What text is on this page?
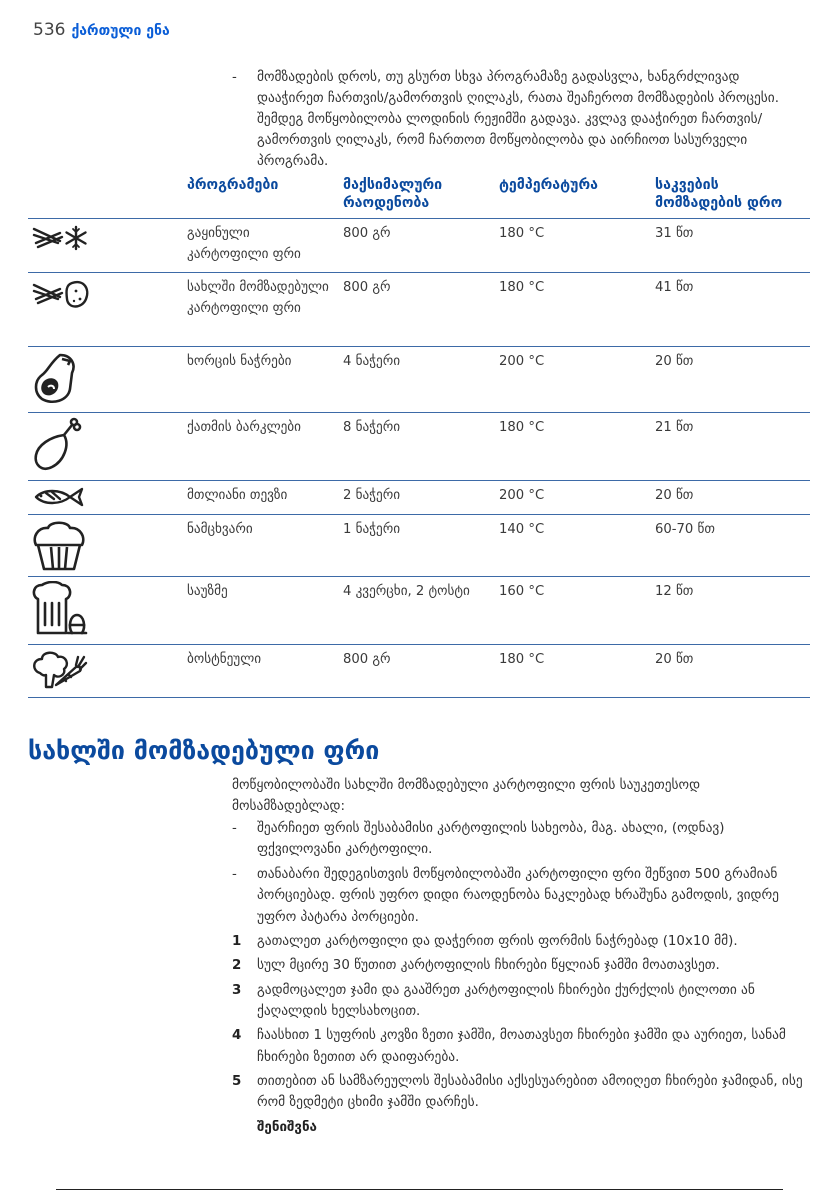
536 ქართული ენა
- მომზადების დროს, თუ გსურთ სხვა პროგრამაზე გადასვლა, ხანგრძლივად დააჭირეთ ჩართვის/გამორთვის ღილაკს, რათა შეაჩეროთ მომზადების პროცესი. შემდეგ მოწყობილობა ლოდინის რეჟიმში გადავა. კვლავ დააჭირეთ ჩართვის/გამორთვის ღილაკს, რომ ჩართოთ მოწყობილობა და აირჩიოთ სასურველი პროგრამა.
	პროგრამები	მაქსიმალური რაოდენობა	ტემპერატურა	საკვების მომზადების დრო

	გაყინული კარტოფილი ფრი	800 გრ	180 °C	31 წთ

	სახლში მომზადებული კარტოფილი ფრი	800 გრ	180 °C	41 წთ

	ხორცის ნაჭრები	4 ნაჭერი	200 °C	20 წთ

	ქათმის ბარკლები	8 ნაჭერი	180 °C	21 წთ

	მთლიანი თევზი	2 ნაჭერი	200 °C	20 წთ

	ნამცხვარი	1 ნაჭერი	140 °C	60-70 წთ

	საუზმე	4 კვერცხი, 2 ტოსტი	160 °C	12 წთ

	ბოსტნეული	800 გრ	180 °C	20 წთ
სახლში მომზადებული ფრი

მოწყობილობაში სახლში მომზადებული კარტოფილი ფრის საუკეთესოდ მოსამზადებლად:

- შეარჩიეთ ფრის შესაბამისი კარტოფილის სახეობა, მაგ. ახალი, (ოდნავ) ფქვილოვანი კარტოფილი.
- თანაბარი შედეგისთვის მოწყობილობაში კარტოფილი ფრი შეწვით 500 გრამიან პორციებად. ფრის უფრო დიდი რაოდენობა ნაკლებად ხრაშუნა გამოდის, ვიდრე უფრო პატარა პორციები.
1 გათალეთ კარტოფილი და დაჭერით ფრის ფორმის ნაჭრებად (10x10 მმ).
2 სულ მცირე 30 წუთით კარტოფილის ჩხირები წყლიან ჯამში მოათავსეთ.
3 გადმოცალეთ ჯამი და გააშრეთ კარტოფილის ჩხირები ქურქლის ტილოთი ან ქაღალდის ხელსახოცით.
4 ჩაასხით 1 სუფრის კოვზი ზეთი ჯამში, მოათავსეთ ჩხირები ჯამში და აურიეთ, სანამ ჩხირები ზეთით არ დაიფარება.
5 თითებით ან სამზარეულოს შესაბამისი აქსესუარებით ამოიღეთ ჩხირები ჯამიდან, ისე რომ ზედმეტი ცხიმი ჯამში დარჩეს.
შენიშვნა
